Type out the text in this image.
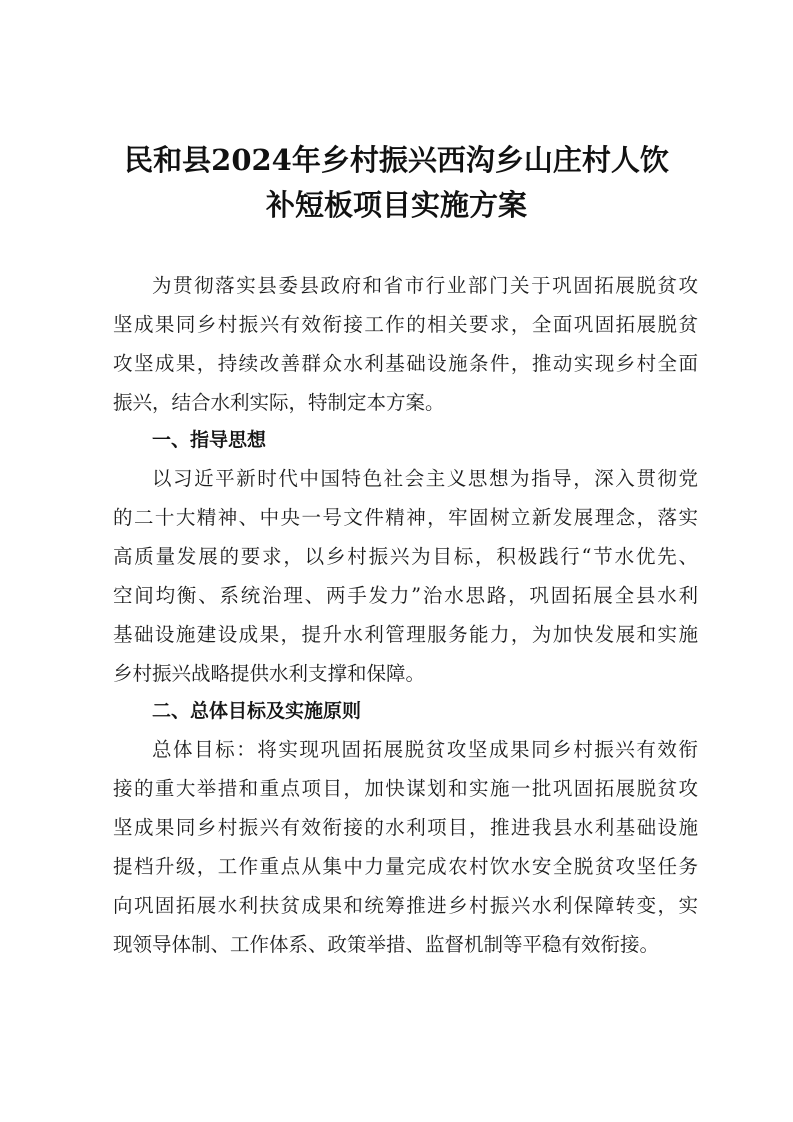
民和县2024年乡村振兴西沟乡山庄村人饮
补短板项目实施方案
为贯彻落实县委县政府和省市行业部门关于巩固拓展脱贫攻
坚成果同乡村振兴有效衔接工作的相关要求，全面巩固拓展脱贫
攻坚成果，持续改善群众水利基础设施条件，推动实现乡村全面
振兴，结合水利实际，特制定本方案。
一、指导思想
以习近平新时代中国特色社会主义思想为指导，深入贯彻党
的二十大精神、中央一号文件精神，牢固树立新发展理念，落实
高质量发展的要求，以乡村振兴为目标，积极践行“节水优先、
空间均衡、系统治理、两手发力”治水思路，巩固拓展全县水利
基础设施建设成果，提升水利管理服务能力，为加快发展和实施
乡村振兴战略提供水利支撑和保障。
二、总体目标及实施原则
总体目标：将实现巩固拓展脱贫攻坚成果同乡村振兴有效衔
接的重大举措和重点项目，加快谋划和实施一批巩固拓展脱贫攻
坚成果同乡村振兴有效衔接的水利项目，推进我县水利基础设施
提档升级，工作重点从集中力量完成农村饮水安全脱贫攻坚任务
向巩固拓展水利扶贫成果和统筹推进乡村振兴水利保障转变，实
现领导体制、工作体系、政策举措、监督机制等平稳有效衔接。
